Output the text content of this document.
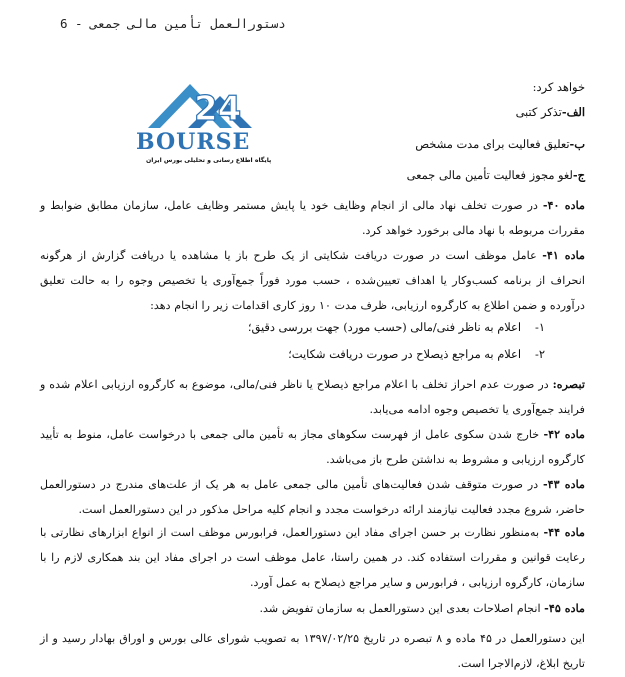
دستورالعمل تأمین مالی جمعی - 6
24
BOURSE
پایگاه اطلاع رسانی و تحلیلی بورس ایران
خواهد کرد:
الف-تذکر کتبی
ب-تعلیق فعالیت برای مدت مشخص
ج-لغو مجوز فعالیت تأمین مالی جمعی
ماده ۴۰- در صورت تخلف نهاد مالی از انجام وظایف خود یا پایش مستمر وظایف عامل، سازمان مطابق ضوابط و مقررات مربوطه با نهاد مالی برخورد خواهد کرد.
ماده ۴۱- عامل موظف است در صورت دریافت شکایتی از یک طرح باز یا مشاهده یا دریافت گزارش از هرگونه انحراف از برنامه کسب‌وکار یا اهداف تعیین‌شده ، حسب مورد فوراً جمع‌آوری یا تخصیص وجوه را به حالت تعلیق درآورده و ضمن اطلاع به کارگروه ارزیابی، ظرف مدت ۱۰ روز کاری اقدامات زیر را انجام دهد:
۱-اعلام به ناظر فنی/مالی (حسب مورد) جهت بررسی دقیق؛
۲-اعلام به مراجع ذیصلاح در صورت دریافت شکایت؛
تبصره: در صورت عدم احراز تخلف با اعلام مراجع ذیصلاح یا ناظر فنی/مالی، موضوع به کارگروه ارزیابی اعلام شده و فرایند جمع‌آوری یا تخصیص وجوه ادامه می‌یابد.
ماده ۴۲- خارج شدن سکوی عامل از فهرست سکوهای مجاز به تأمین مالی جمعی با درخواست عامل، منوط به تأیید کارگروه ارزیابی و مشروط به نداشتن طرح باز می‌باشد.
ماده ۴۳- در صورت متوقف شدن فعالیت‌های تأمین مالی جمعی عامل به هر یک از علت‌های مندرج در دستورالعمل حاضر، شروع مجدد فعالیت نیازمند ارائه درخواست مجدد و انجام کلیه مراحل مذکور در این دستورالعمل است.
ماده ۴۴- به‌منظور نظارت بر حسن اجرای مفاد این دستورالعمل، فرابورس موظف است از انواع ابزارهای نظارتی با رعایت قوانین و مقررات استفاده کند. در همین راستا، عامل موظف است در اجرای مفاد این بند همکاری لازم را با سازمان، کارگروه ارزیابی ، فرابورس و سایر مراجع ذیصلاح به عمل آورد.
ماده ۴۵- انجام اصلاحات بعدی این دستورالعمل به سازمان تفویض شد.
این دستورالعمل در ۴۵ ماده و ۸ تبصره در تاریخ ۱۳۹۷/۰۲/۲۵ به تصویب شورای عالی بورس و اوراق بهادار رسید و از تاریخ ابلاغ، لازم‌الاجرا است.
